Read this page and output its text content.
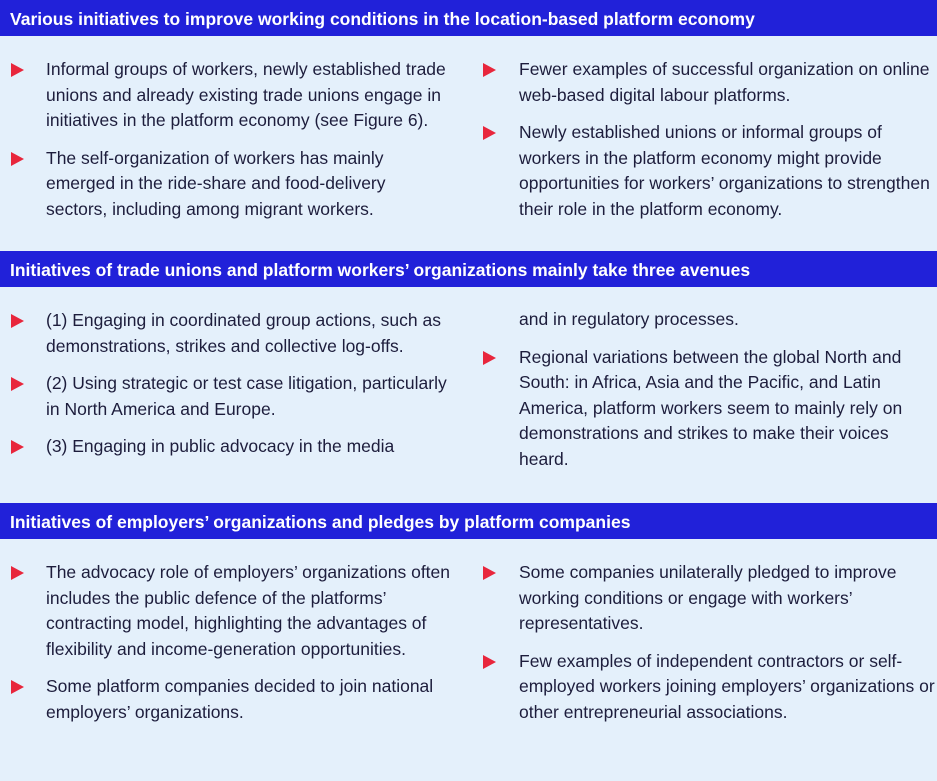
Various initiatives to improve working conditions in the location-based platform economy
Informal groups of workers, newly established trade unions and already existing trade unions engage in initiatives in the platform economy (see Figure 6).
The self-organization of workers has mainly emerged in the ride-share and food-delivery sectors, including among migrant workers.
Fewer examples of successful organization on online web-based digital labour platforms.
Newly established unions or informal groups of workers in the platform economy might provide opportunities for workers’ organizations to strengthen their role in the platform economy.
Initiatives of trade unions and platform workers’ organizations mainly take three avenues
(1) Engaging in coordinated group actions, such as demonstrations, strikes and collective log-offs.
(2) Using strategic or test case litigation, particularly in North America and Europe.
(3) Engaging in public advocacy in the media
and in regulatory processes.
Regional variations between the global North and South: in Africa, Asia and the Pacific, and Latin America, platform workers seem to mainly rely on demonstrations and strikes to make their voices heard.
Initiatives of employers’ organizations and pledges by platform companies
The advocacy role of employers’ organizations often includes the public defence of the platforms’ contracting model, highlighting the advantages of flexibility and income-generation opportunities.
Some platform companies decided to join national employers’ organizations.
Some companies unilaterally pledged to improve working conditions or engage with workers’ representatives.
Few examples of independent contractors or self-employed workers joining employers’ organizations or other entrepreneurial associations.
